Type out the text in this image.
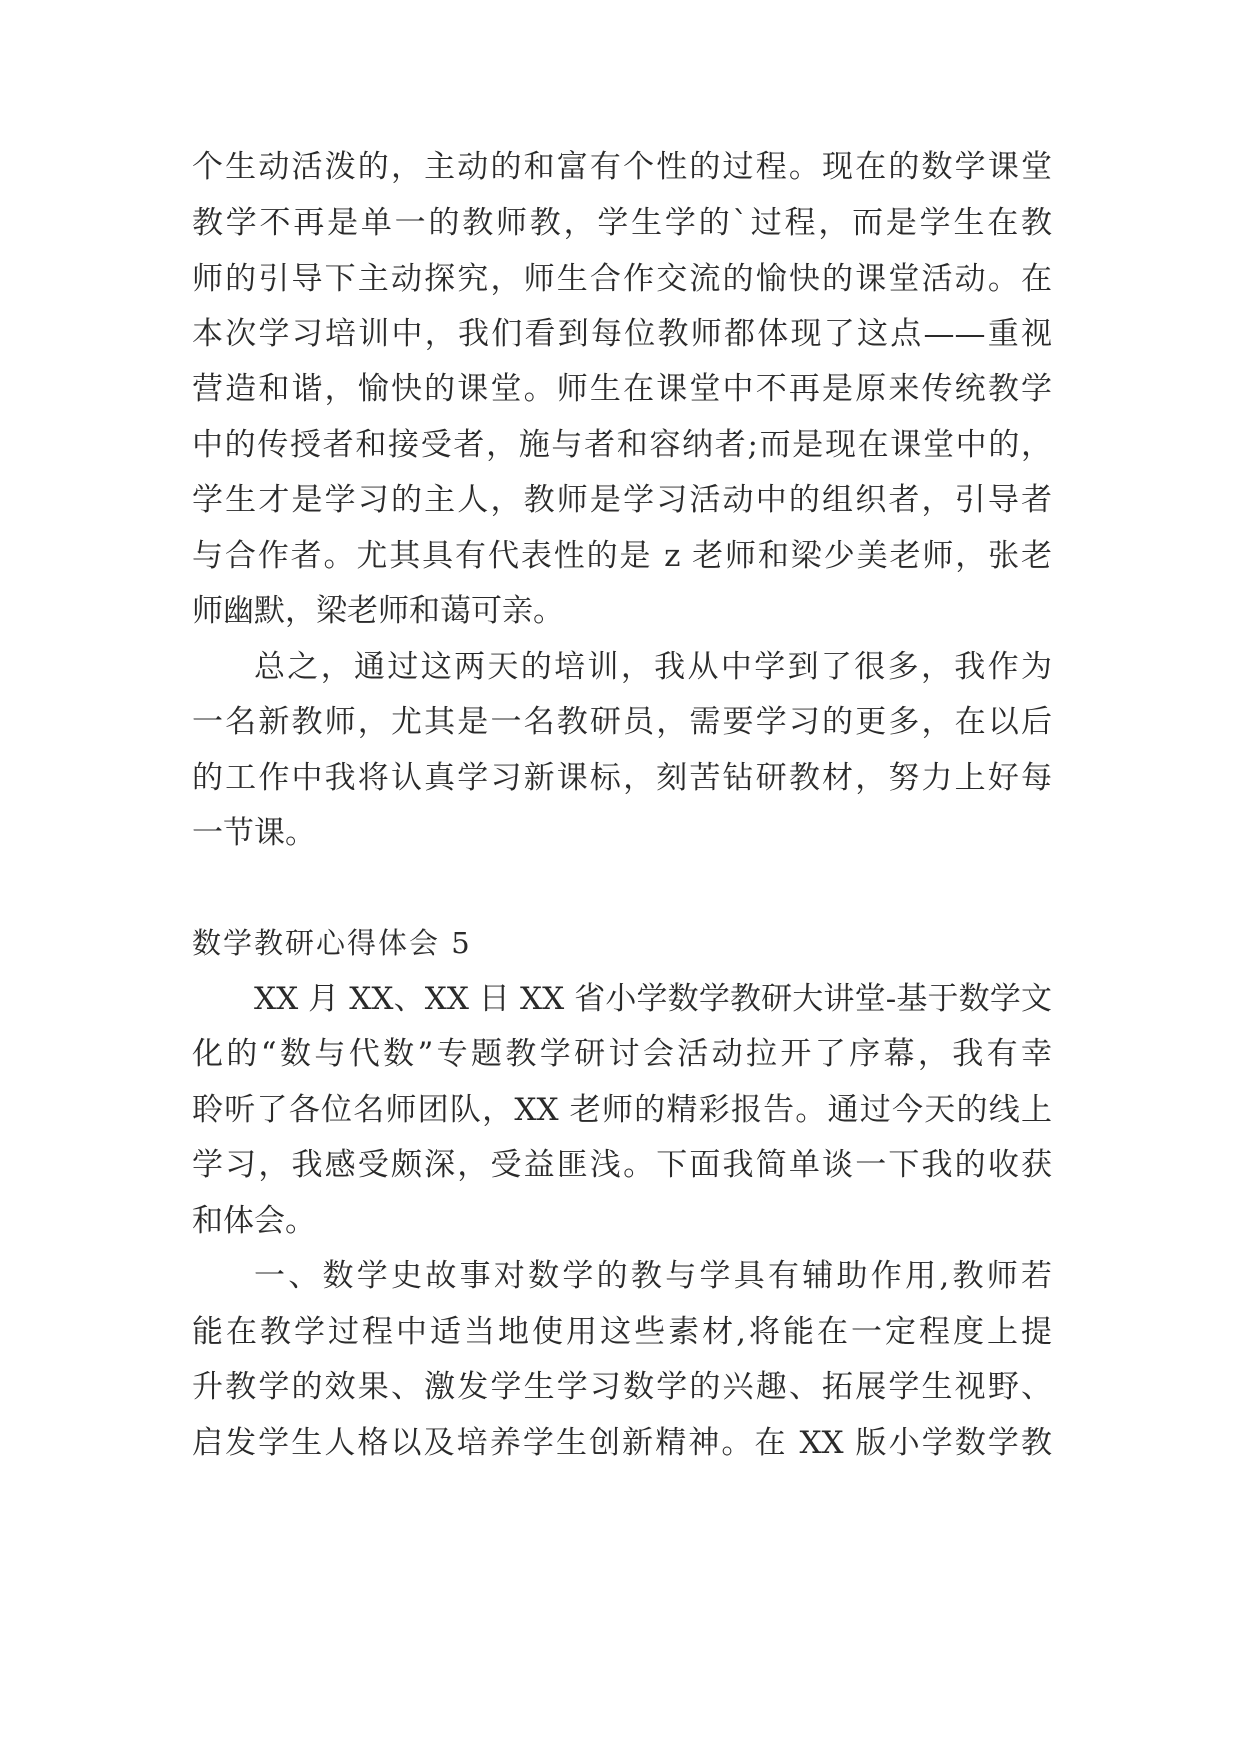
个生动活泼的，主动的和富有个性的过程。现在的数学课堂
教学不再是单一的教师教，学生学的`过程，而是学生在教
师的引导下主动探究，师生合作交流的愉快的课堂活动。在
本次学习培训中，我们看到每位教师都体现了这点——重视
营造和谐，愉快的课堂。师生在课堂中不再是原来传统教学
中的传授者和接受者，施与者和容纳者;而是现在课堂中的，
学生才是学习的主人，教师是学习活动中的组织者，引导者
与合作者。尤其具有代表性的是 z 老师和梁少美老师，张老
师幽默，梁老师和蔼可亲。
总之，通过这两天的培训，我从中学到了很多，我作为
一名新教师，尤其是一名教研员，需要学习的更多，在以后
的工作中我将认真学习新课标，刻苦钻研教材，努力上好每
一节课。
数学教研心得体会 5
XX 月 XX、XX 日 XX 省小学数学教研大讲堂-基于数学文
化的“数与代数”专题教学研讨会活动拉开了序幕，我有幸
聆听了各位名师团队，XX 老师的精彩报告。通过今天的线上
学习，我感受颇深，受益匪浅。下面我简单谈一下我的收获
和体会。
一、数学史故事对数学的教与学具有辅助作用,教师若
能在教学过程中适当地使用这些素材,将能在一定程度上提
升教学的效果、激发学生学习数学的兴趣、拓展学生视野、
启发学生人格以及培养学生创新精神。在 XX 版小学数学教
